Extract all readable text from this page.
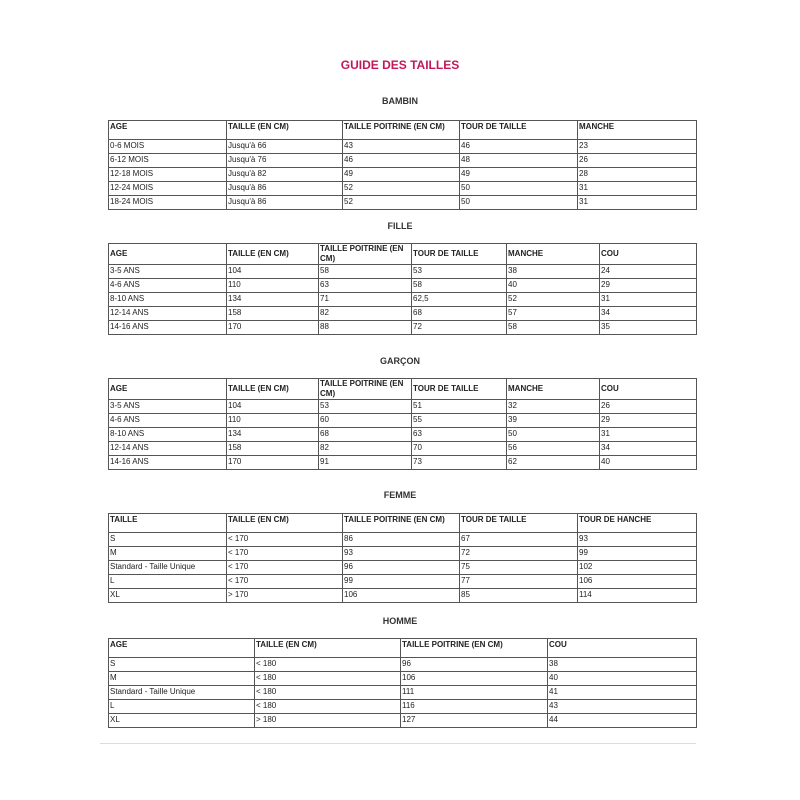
GUIDE DES TAILLES
BAMBIN
AGE	TAILLE (EN CM)	TAILLE POITRINE (EN CM)	TOUR DE TAILLE	MANCHE
0-6 MOIS	Jusqu'à 66	43	46	23
6-12 MOIS	Jusqu'à 76	46	48	26
12-18 MOIS	Jusqu'à 82	49	49	28
12-24 MOIS	Jusqu'à 86	52	50	31
18-24 MOIS	Jusqu'à 86	52	50	31
FILLE
AGE	TAILLE (EN CM)	TAILLE POITRINE (EN CM)	TOUR DE TAILLE	MANCHE	COU
3-5 ANS	104	58	53	38	24
4-6 ANS	110	63	58	40	29
8-10 ANS	134	71	62,5	52	31
12-14 ANS	158	82	68	57	34
14-16 ANS	170	88	72	58	35
GARÇON
AGE	TAILLE (EN CM)	TAILLE POITRINE (EN CM)	TOUR DE TAILLE	MANCHE	COU
3-5 ANS	104	53	51	32	26
4-6 ANS	110	60	55	39	29
8-10 ANS	134	68	63	50	31
12-14 ANS	158	82	70	56	34
14-16 ANS	170	91	73	62	40
FEMME
TAILLE	TAILLE (EN CM)	TAILLE POITRINE (EN CM)	TOUR DE TAILLE	TOUR DE HANCHE
S	< 170	86	67	93
M	< 170	93	72	99
Standard - Taille Unique	< 170	96	75	102
L	< 170	99	77	106
XL	> 170	106	85	114
HOMME
AGE	TAILLE (EN CM)	TAILLE POITRINE (EN CM)	COU
S	< 180	96	38
M	< 180	106	40
Standard - Taille Unique	< 180	111	41
L	< 180	116	43
XL	> 180	127	44
